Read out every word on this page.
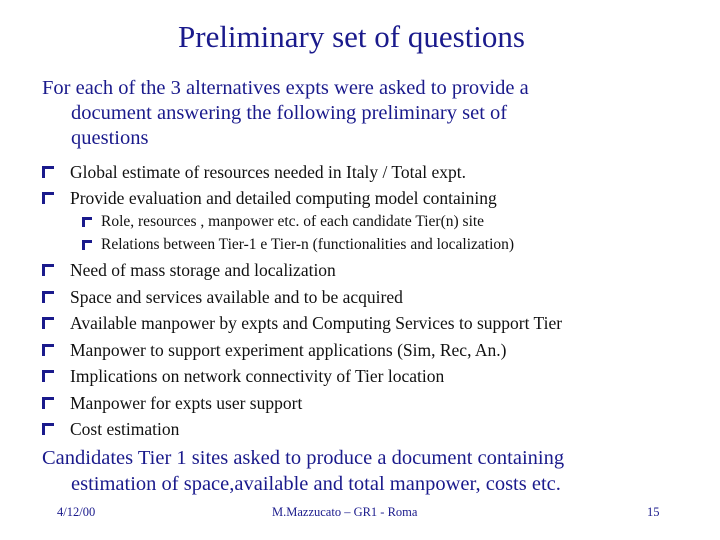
Preliminary set of questions
For each of the 3 alternatives expts were asked to provide a
document answering the following preliminary set of
questions
Global estimate of resources needed in Italy / Total expt.
Provide evaluation and detailed computing model containing
Role, resources , manpower etc. of each candidate Tier(n) site
Relations between Tier-1 e Tier-n (functionalities and localization)
Need of mass storage and localization
Space and services available and to be acquired
Available manpower by expts and Computing Services to support Tier
Manpower to support experiment applications (Sim, Rec, An.)
Implications on network connectivity of Tier location
Manpower for expts user support
Cost estimation
Candidates Tier 1 sites asked to produce a document containing
estimation of space,available and total manpower, costs etc.
4/12/00	M.Mazzucato – GR1 - Roma	15
